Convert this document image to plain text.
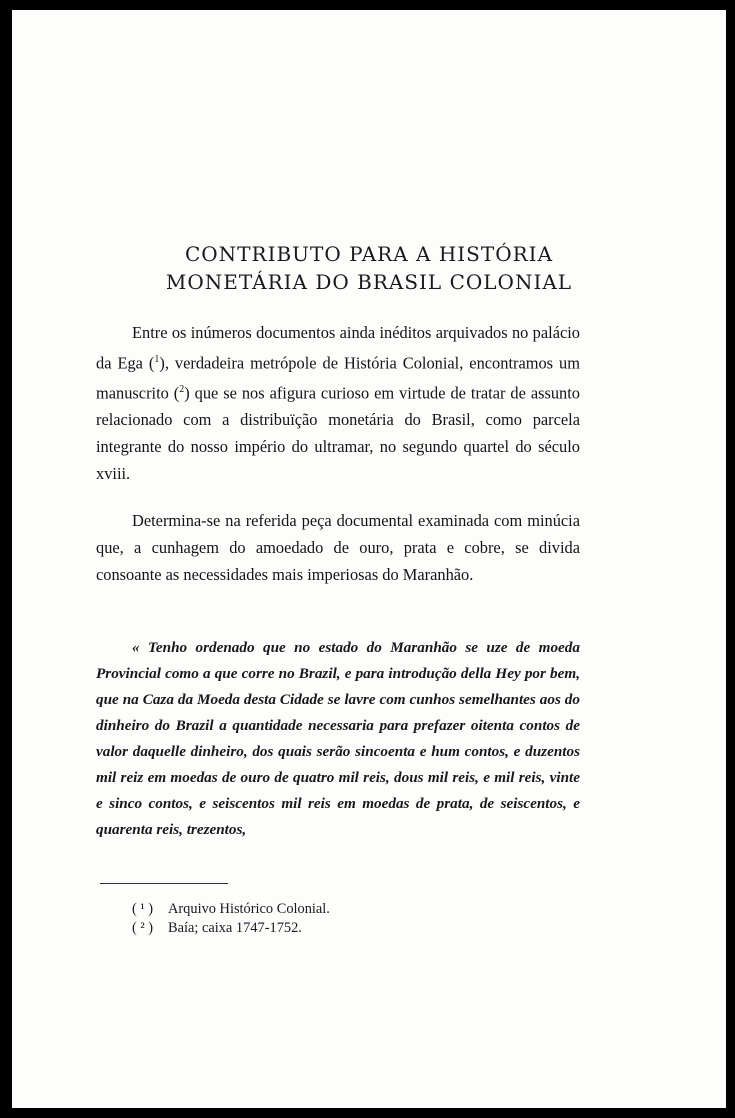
CONTRIBUTO PARA A HISTÓRIA
MONETÁRIA DO BRASIL COLONIAL
Entre os inúmeros documentos ainda inéditos arquivados no palácio da Ega ($^1$), verdadeira metrópole de História Colonial, encontramos um manuscrito ($^2$) que se nos afigura curioso em virtude de tratar de assunto relacionado com a distribuïção monetária do Brasil, como parcela integrante do nosso império do ultramar, no segundo quartel do século xviii.
Determina-se na referida peça documental examinada com minúcia que, a cunhagem do amoedado de ouro, prata e cobre, se divida consoante as necessidades mais imperiosas do Maranhão.
« Tenho ordenado que no estado do Maranhão se uze de moeda Provincial como a que corre no Brazil, e para introdução della Hey por bem, que na Caza da Moeda desta Cidade se lavre com cunhos semelhantes aos do dinheiro do Brazil a quantidade necessaria para prefazer oitenta contos de valor daquelle dinheiro, dos quais serão sincoenta e hum contos, e duzentos mil reiz em moedas de ouro de quatro mil reis, dous mil reis, e mil reis, vinte e sinco contos, e seiscentos mil reis em moedas de prata, de seiscentos, e quarenta reis, trezentos,
( ¹ ) Arquivo Histórico Colonial.
( ² ) Baía; caixa 1747-1752.
